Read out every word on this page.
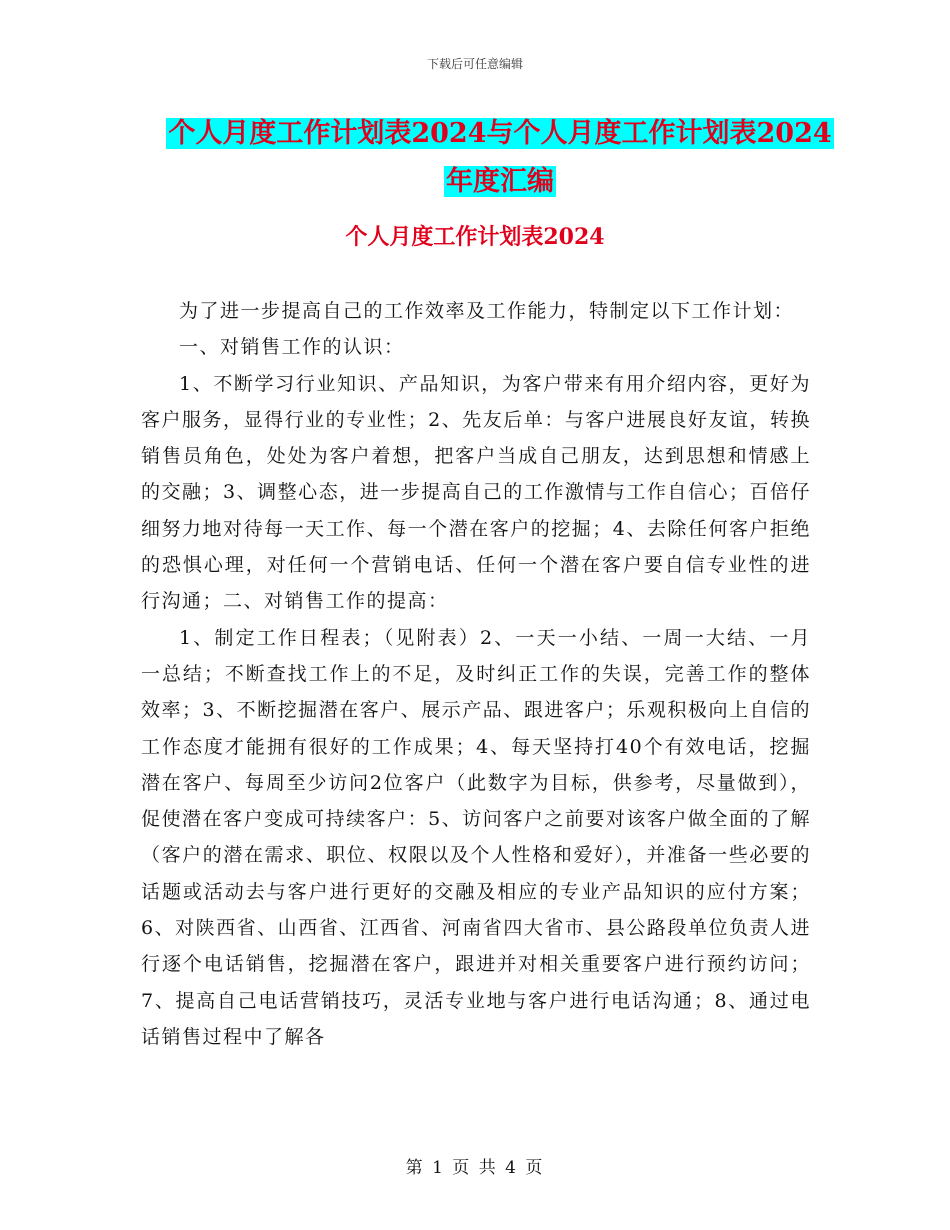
下载后可任意编辑
个人月度工作计划表2024与个人月度工作计划表2024
年度汇编
个人月度工作计划表2024

为了进一步提高自己的工作效率及工作能力，特制定以下工作计划：

一、对销售工作的认识：

1、不断学习行业知识、产品知识，为客户带来有用介绍内容，更好为客户服务，显得行业的专业性；2、先友后单：与客户进展良好友谊，转换销售员角色，处处为客户着想，把客户当成自己朋友，达到思想和情感上的交融；3、调整心态，进一步提高自己的工作激情与工作自信心；百倍仔细努力地对待每一天工作、每一个潜在客户的挖掘；4、去除任何客户拒绝的恐惧心理，对任何一个营销电话、任何一个潜在客户要自信专业性的进行沟通；二、对销售工作的提高：

1、制定工作日程表；（见附表）2、一天一小结、一周一大结、一月一总结；不断查找工作上的不足，及时纠正工作的失误，完善工作的整体效率；3、不断挖掘潜在客户、展示产品、跟进客户；乐观积极向上自信的工作态度才能拥有很好的工作成果；4、每天坚持打40个有效电话，挖掘潜在客户、每周至少访问2位客户（此数字为目标，供参考，尽量做到），促使潜在客户变成可持续客户：5、访问客户之前要对该客户做全面的了解（客户的潜在需求、职位、权限以及个人性格和爱好），并准备一些必要的话题或活动去与客户进行更好的交融及相应的专业产品知识的应付方案；6、对陕西省、山西省、江西省、河南省四大省市、县公路段单位负责人进行逐个电话销售，挖掘潜在客户，跟进并对相关重要客户进行预约访问；7、提高自己电话营销技巧，灵活专业地与客户进行电话沟通；8、通过电话销售过程中了解各

第 1 页 共 4 页
